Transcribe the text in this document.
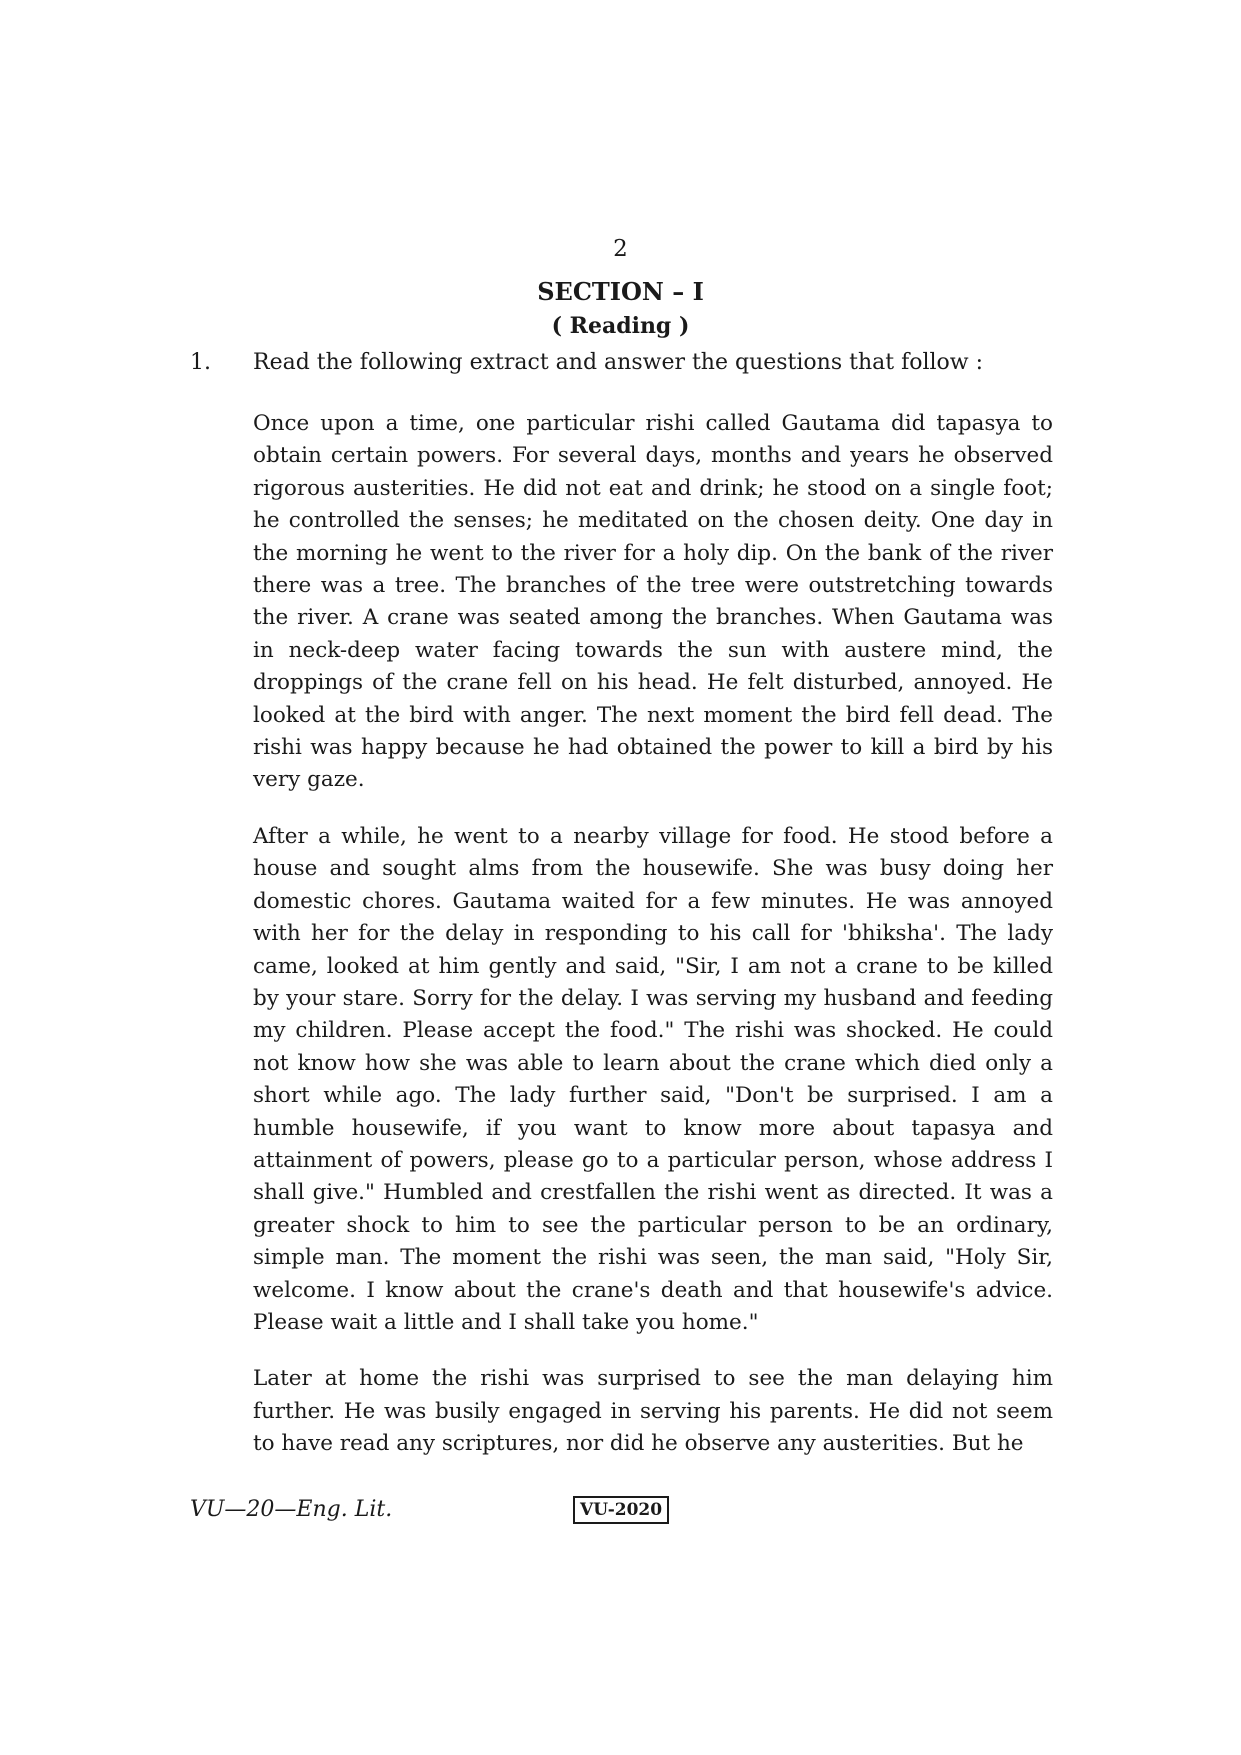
2
SECTION – I
( Reading )
1. Read the following extract and answer the questions that follow :

Once upon a time, one particular rishi called Gautama did tapasya to obtain certain powers. For several days, months and years he observed rigorous austerities. He did not eat and drink; he stood on a single foot; he controlled the senses; he meditated on the chosen deity. One day in the morning he went to the river for a holy dip. On the bank of the river there was a tree. The branches of the tree were outstretching towards the river. A crane was seated among the branches. When Gautama was in neck-deep water facing towards the sun with austere mind, the droppings of the crane fell on his head. He felt disturbed, annoyed. He looked at the bird with anger. The next moment the bird fell dead. The rishi was happy because he had obtained the power to kill a bird by his very gaze.

After a while, he went to a nearby village for food. He stood before a house and sought alms from the housewife. She was busy doing her domestic chores. Gautama waited for a few minutes. He was annoyed with her for the delay in responding to his call for 'bhiksha'. The lady came, looked at him gently and said, "Sir, I am not a crane to be killed by your stare. Sorry for the delay. I was serving my husband and feeding my children. Please accept the food." The rishi was shocked. He could not know how she was able to learn about the crane which died only a short while ago. The lady further said, "Don't be surprised. I am a humble housewife, if you want to know more about tapasya and attainment of powers, please go to a particular person, whose address I shall give." Humbled and crestfallen the rishi went as directed. It was a greater shock to him to see the particular person to be an ordinary, simple man. The moment the rishi was seen, the man said, "Holy Sir, welcome. I know about the crane's death and that housewife's advice. Please wait a little and I shall take you home."

Later at home the rishi was surprised to see the man delaying him further. He was busily engaged in serving his parents. He did not seem to have read any scriptures, nor did he observe any austerities. But he

VU—20—Eng. Lit.	VU-2020
